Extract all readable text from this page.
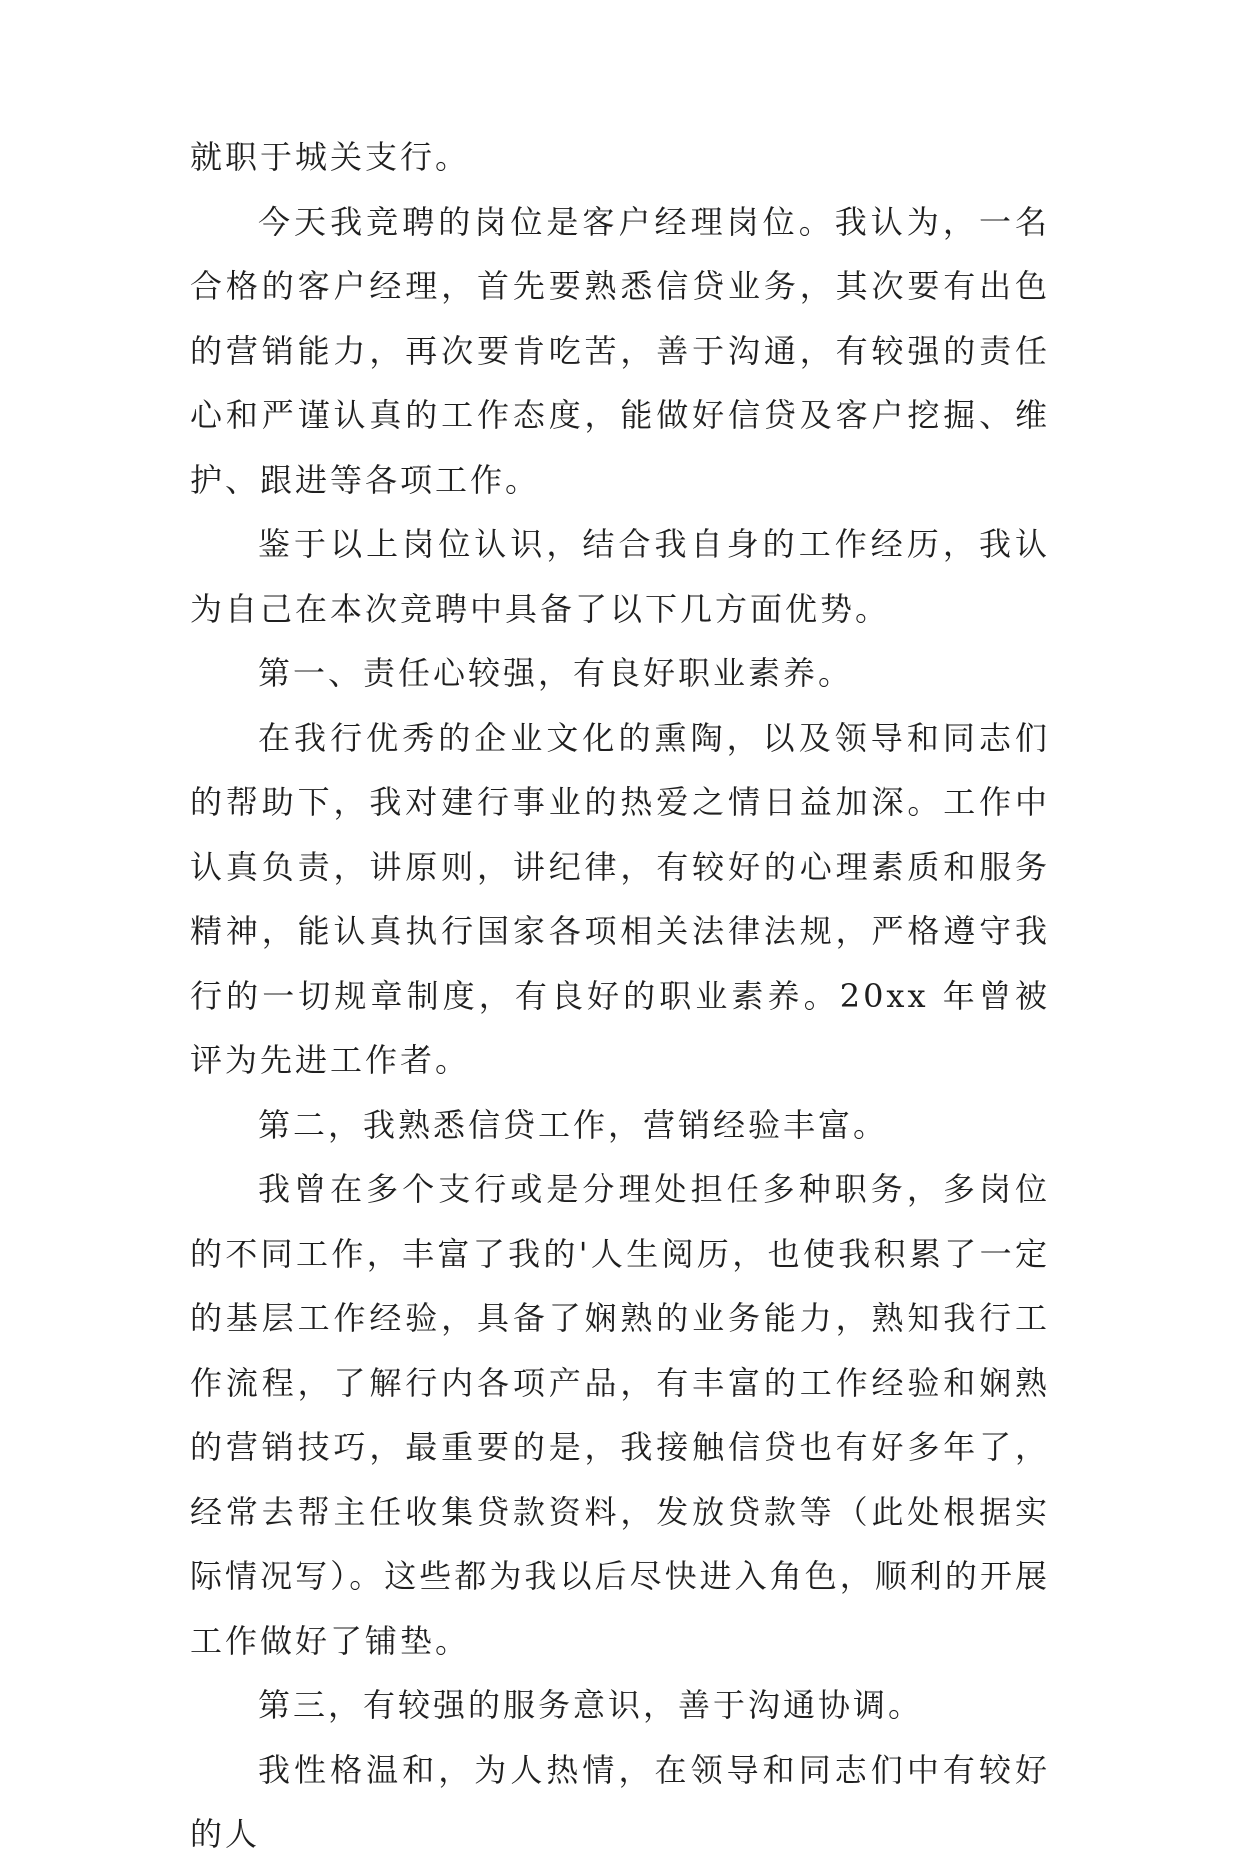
就职于城关支行。

今天我竞聘的岗位是客户经理岗位。我认为，一名合格的客户经理，首先要熟悉信贷业务，其次要有出色的营销能力，再次要肯吃苦，善于沟通，有较强的责任心和严谨认真的工作态度，能做好信贷及客户挖掘、维护、跟进等各项工作。

鉴于以上岗位认识，结合我自身的工作经历，我认为自己在本次竞聘中具备了以下几方面优势。

第一、责任心较强，有良好职业素养。

在我行优秀的企业文化的熏陶，以及领导和同志们的帮助下，我对建行事业的热爱之情日益加深。工作中认真负责，讲原则，讲纪律，有较好的心理素质和服务精神，能认真执行国家各项相关法律法规，严格遵守我行的一切规章制度，有良好的职业素养。20xx 年曾被评为先进工作者。

第二，我熟悉信贷工作，营销经验丰富。

我曾在多个支行或是分理处担任多种职务，多岗位的不同工作，丰富了我的'人生阅历，也使我积累了一定的基层工作经验，具备了娴熟的业务能力，熟知我行工作流程，了解行内各项产品，有丰富的工作经验和娴熟的营销技巧，最重要的是，我接触信贷也有好多年了，经常去帮主任收集贷款资料，发放贷款等（此处根据实际情况写）。这些都为我以后尽快进入角色，顺利的开展工作做好了铺垫。

第三，有较强的服务意识，善于沟通协调。

我性格温和，为人热情，在领导和同志们中有较好的人
